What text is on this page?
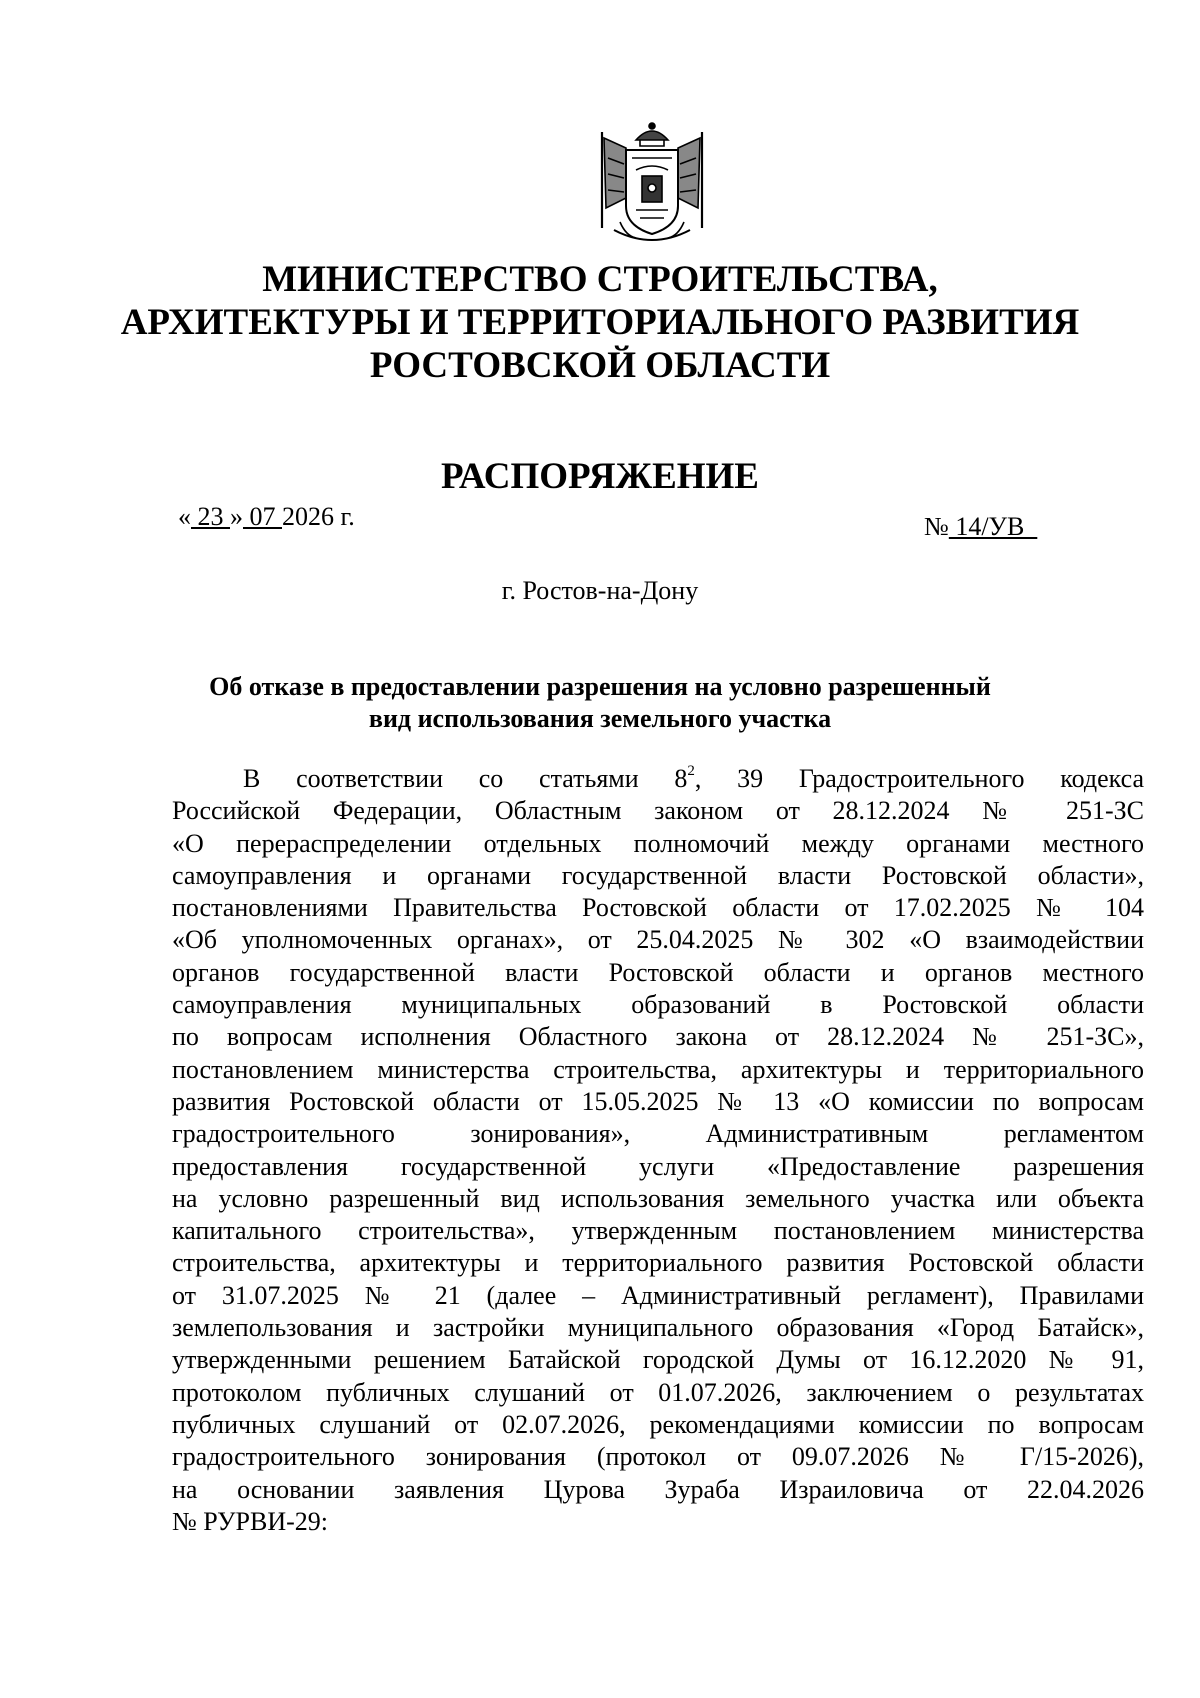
МИНИСТЕРСТВО СТРОИТЕЛЬСТВА,
АРХИТЕКТУРЫ И ТЕРРИТОРИАЛЬНОГО РАЗВИТИЯ
РОСТОВСКОЙ ОБЛАСТИ
РАСПОРЯЖЕНИЕ
« 23 » 07 2026 г.	№ 14/УВ
г. Ростов-на-Дону
Об отказе в предоставлении разрешения на условно разрешенный
вид использования земельного участка
В соответствии со статьями $8^2$, 39 Градостроительного кодекса
Российской Федерации, Областным законом от 28.12.2024 № 251-ЗС
«О перераспределении отдельных полномочий между органами местного
самоуправления и органами государственной власти Ростовской области»,
постановлениями Правительства Ростовской области от 17.02.2025 № 104
«Об уполномоченных органах», от 25.04.2025 № 302 «О взаимодействии
органов государственной власти Ростовской области и органов местного
самоуправления муниципальных образований в Ростовской области
по вопросам исполнения Областного закона от 28.12.2024 № 251-ЗС»,
постановлением министерства строительства, архитектуры и территориального
развития Ростовской области от 15.05.2025 № 13 «О комиссии по вопросам
градостроительного зонирования», Административным регламентом
предоставления государственной услуги «Предоставление разрешения
на условно разрешенный вид использования земельного участка или объекта
капитального строительства», утвержденным постановлением министерства
строительства, архитектуры и территориального развития Ростовской области
от 31.07.2025 № 21 (далее – Административный регламент), Правилами
землепользования и застройки муниципального образования «Город Батайск»,
утвержденными решением Батайской городской Думы от 16.12.2020 № 91,
протоколом публичных слушаний от 01.07.2026, заключением о результатах
публичных слушаний от 02.07.2026, рекомендациями комиссии по вопросам
градостроительного зонирования (протокол от 09.07.2026 № Г/15-2026),
на основании заявления Цурова Зураба Израиловича от 22.04.2026
№ РУРВИ-29:
